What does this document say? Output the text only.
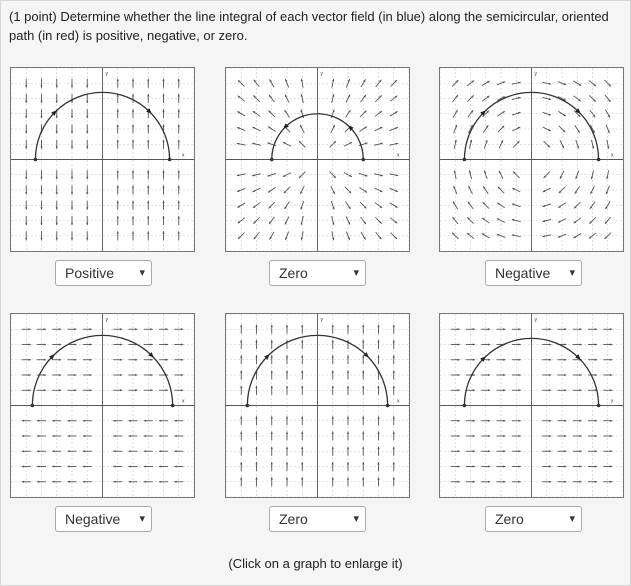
(1 point) Determine whether the line integral of each vector field (in blue) along the semicircular, oriented path (in red) is positive, negative, or zero.
x
y
x
y
x
y
x
y
x
y
x
y
Positive ▾	Zero	▾	Negative ▾
Negative ▾	Zero	▾	Zero	▾
(Click on a graph to enlarge it)
